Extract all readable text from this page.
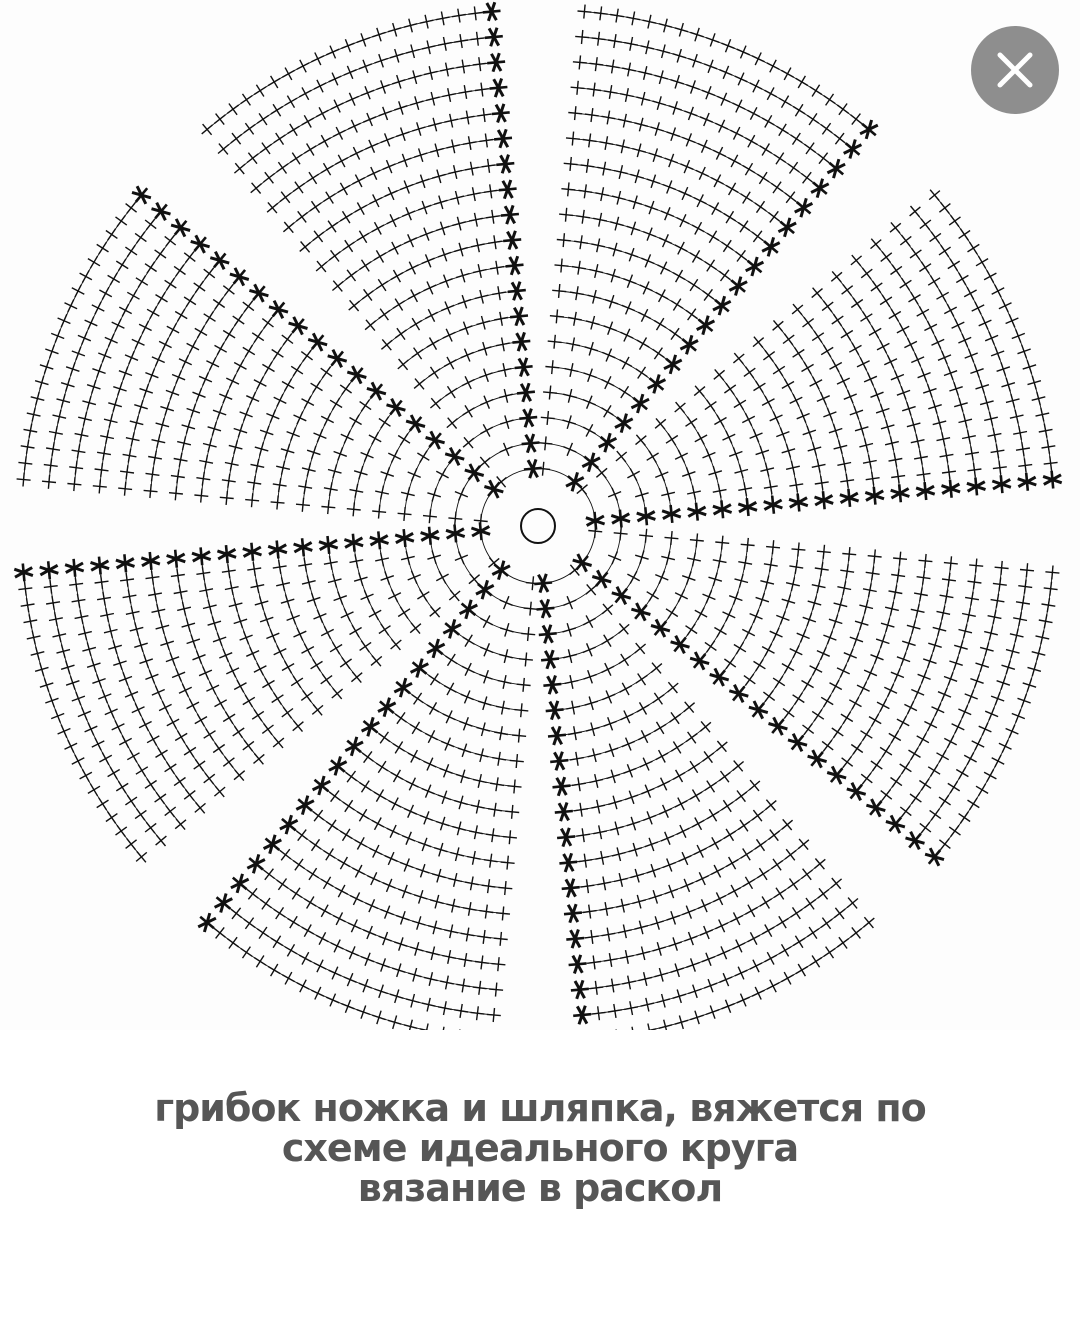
грибок ножка и шляпка, вяжется по
схеме идеального круга
вязание в раскол
